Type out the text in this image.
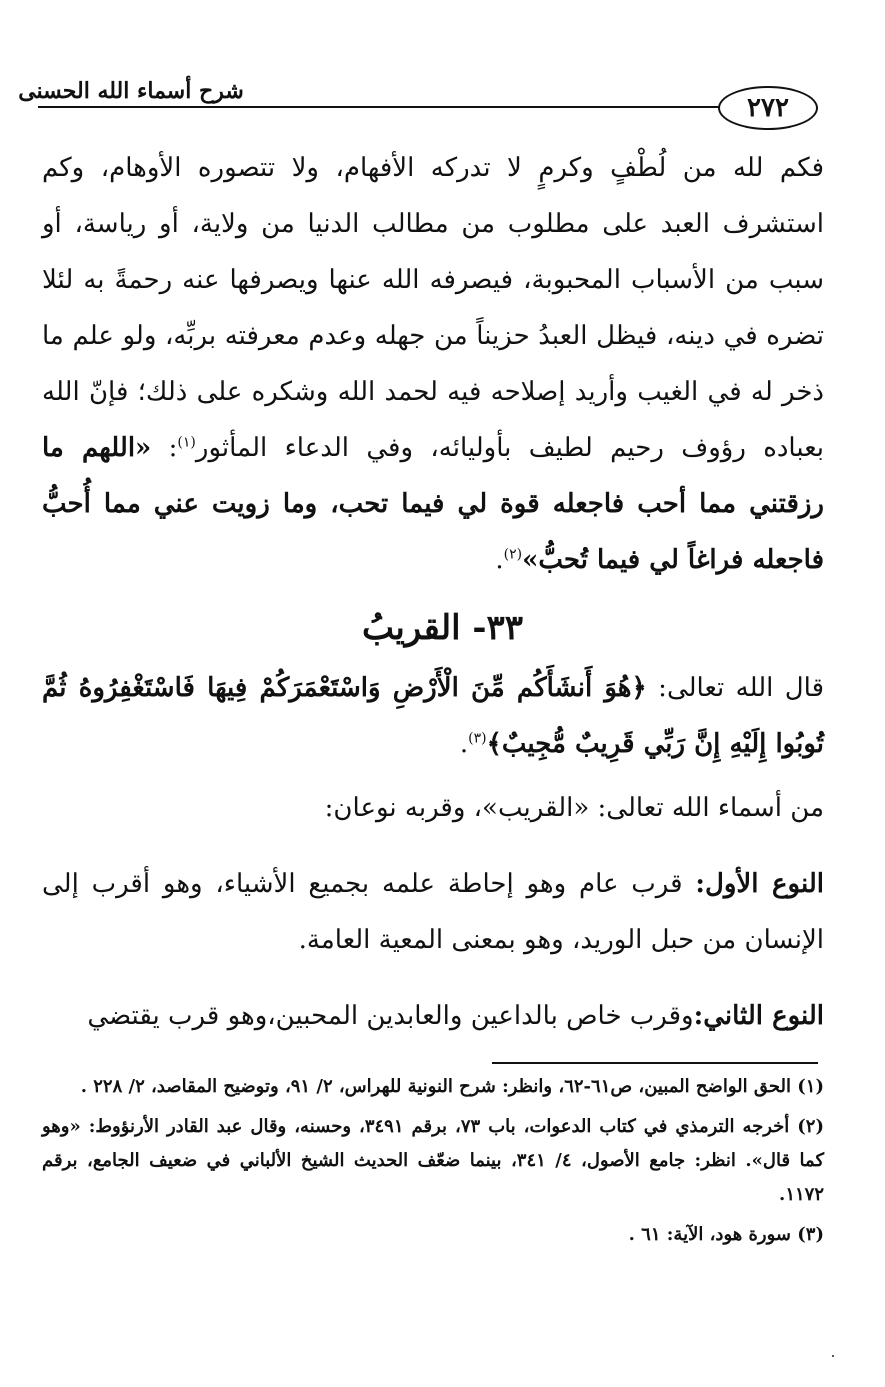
شرح أسماء الله الحسنى
٢٧٢

فكم لله من لُطْفٍ وكرمٍ لا تدركه الأفهام، ولا تتصوره الأوهام، وكم استشرف العبد على مطلوب من مطالب الدنيا من ولاية، أو رياسة، أو سبب من الأسباب المحبوبة، فيصرفه الله عنها ويصرفها عنه رحمةً به لئلا تضره في دينه، فيظل العبدُ حزيناً من جهله وعدم معرفته بربِّه، ولو علم ما ذخر له في الغيب وأريد إصلاحه فيه لحمد الله وشكره على ذلك؛ فإنّ الله بعباده رؤوف رحيم لطيف بأوليائه، وفي الدعاء المأثور$^{(١)}$: «اللهم ما رزقتني مما أحب فاجعله قوة لي فيما تحب، وما زويت عني مما أُحبُّ فاجعله فراغاً لي فيما تُحبُّ»$^{(٢)}$.

٣٣- القريبُ
قال الله تعالى: ﴿هُوَ أَنشَأَكُم مِّنَ الْأَرْضِ وَاسْتَعْمَرَكُمْ فِيهَا فَاسْتَغْفِرُوهُ ثُمَّ تُوبُوا إِلَيْهِ إِنَّ رَبِّي قَرِيبٌ مُّجِيبٌ﴾$^{(٣)}$.
من أسماء الله تعالى: «القريب»، وقربه نوعان:
النوع الأول: قرب عام وهو إحاطة علمه بجميع الأشياء، وهو أقرب إلى الإنسان من حبل الوريد، وهو بمعنى المعية العامة.
النوع الثاني:وقرب خاص بالداعين والعابدين المحبين،وهو قرب يقتضي

(١) الحق الواضح المبين، ص٦١-٦٢، وانظر: شرح النونية للهراس، ٢/ ٩١، وتوضيح المقاصد، ٢/ ٢٢٨ .

(٢) أخرجه الترمذي في كتاب الدعوات، باب ٧٣، برقم ٣٤٩١، وحسنه، وقال عبد القادر الأرنؤوط: «وهو كما قال». انظر: جامع الأصول، ٤/ ٣٤١، بينما ضعّف الحديث الشيخ الألباني في ضعيف الجامع، برقم ١١٧٢.

(٣) سورة هود، الآية: ٦١ .
